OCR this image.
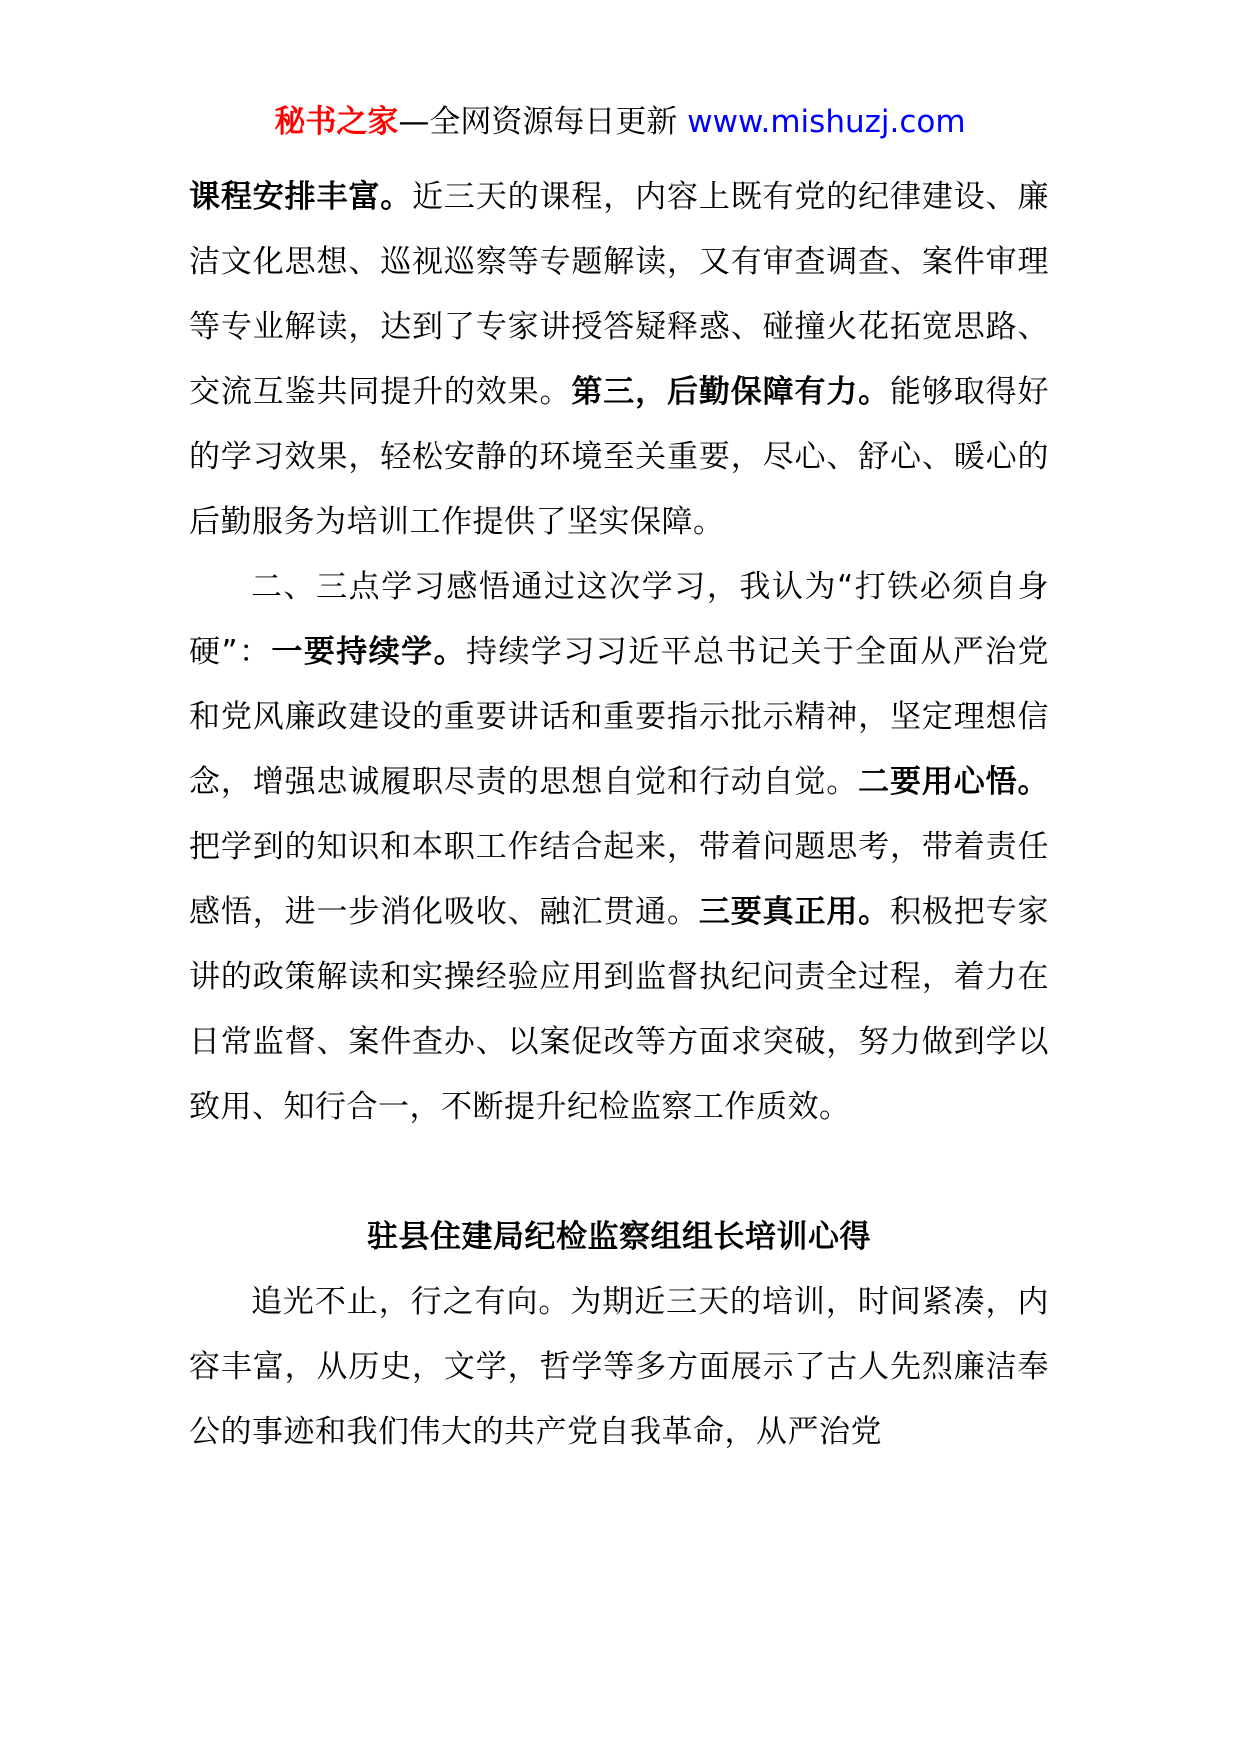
秘书之家—全网资源每日更新 www.mishuzj.com

课程安排丰富。近三天的课程，内容上既有党的纪律建设、廉洁文化思想、巡视巡察等专题解读，又有审查调查、案件审理等专业解读，达到了专家讲授答疑释惑、碰撞火花拓宽思路、交流互鉴共同提升的效果。第三，后勤保障有力。能够取得好的学习效果，轻松安静的环境至关重要，尽心、舒心、暖心的后勤服务为培训工作提供了坚实保障。

二、三点学习感悟通过这次学习，我认为“打铁必须自身硬”：一要持续学。持续学习习近平总书记关于全面从严治党和党风廉政建设的重要讲话和重要指示批示精神，坚定理想信念，增强忠诚履职尽责的思想自觉和行动自觉。二要用心悟。把学到的知识和本职工作结合起来，带着问题思考，带着责任感悟，进一步消化吸收、融汇贯通。三要真正用。积极把专家讲的政策解读和实操经验应用到监督执纪问责全过程，着力在日常监督、案件查办、以案促改等方面求突破，努力做到学以致用、知行合一，不断提升纪检监察工作质效。

驻县住建局纪检监察组组长培训心得

追光不止，行之有向。为期近三天的培训，时间紧凑，内容丰富，从历史，文学，哲学等多方面展示了古人先烈廉洁奉公的事迹和我们伟大的共产党自我革命，从严治党
